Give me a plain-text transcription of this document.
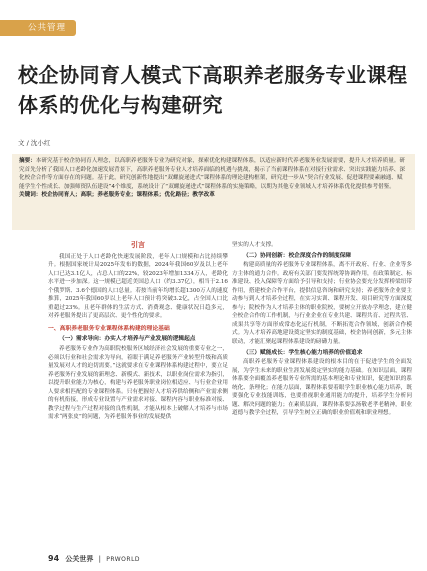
公共管理
校企协同育人模式下高职养老服务专业课程体系的优化与构建研究
文 / 沈小红
摘要：本研究基于校企协同育人理念，以高职养老服务专业为研究对象，探索优化构建课程体系，以适应新时代养老服务业发展需要，提升人才培养质量。研究首先分析了我国人口老龄化加速发展背景下，高职养老服务专业人才培养面临的机遇与挑战，揭示了当前课程体系在对接行业需求、突出实践能力培养、深化校企合作等方面存在的问题。基于此，研究创新性地提出“双螺旋递进式”课程体系的理论建构框架，研究进一步从“契合行业发展、促进课程要素融通、赋能学生个性成长、加强师资队伍建设”4个维度，系统设计了“双螺旋递进式”课程体系的实施策略，以期为其他专业领域人才培养体系优化提供参考借鉴。
关键词：校企协同育人；高职；养老服务专业；课程体系；优化路径；教学改革
引言

我国正处于人口老龄化快速发展阶段，老年人口规模和占比持续攀升。根据国家统计局2025年发布的数据，2024年我国60岁及以上老年人口已达3.1亿人，占总人口的22%，较2023年增加1334万人，老龄化水平进一步加深。这一规模已超近美国总人口（约3.37亿），相当于2.16个俄罗斯、3.6个德国的人口总量。若按当前年均增长超1300万人的速度推算，2025年我国60岁以上老年人口预计将突破3.2亿，占全国人口比重超过23%。且老年群体的生活方式、消费观念、健康状况日趋多元，对养老服务提出了更高层次、更个性化的要求。

一、高职养老服务专业课程体系构建的理论基础
（一）需求导向：办实人才培养与产业发展的逻辑起点

养老服务专业作为高职院校服务区域经济社会发展的重要专业之一，必须以行业和社会需求为导向，着眼于满足养老服务产业转型升级和高质量发展对人才的迫切需要。”这就要求在专业课程体系构建过程中，要立足养老服务行业发展的新理念、新模式、新技术，以职业岗位需求为指引，以提升职业能力为核心，构建与养老服务职业岗位相适应、与行业企业用人要求相匹配的专业课程体系。只有把握好人才培养供给侧和产业需求侧的有机衔接，形成专业设置与产业需求对接、课程内容与职业标准对接、教学过程与生产过程对接的良性机制，才能从根本上破解人才培养与市场需求“两张皮”的问题，为养老服务事业的发展提供

坚实的人才支撑。

（二）协同创新：校企深度合作的制度保障

构建高质量的养老服务专业课程体系，离不开政府、行业、企业等多方主体的通力合作。政府有关部门要发挥统筹协调作用，在政策制定、标准建设、投入保障等方面给予引导和支持；行业协会要充分发挥桥梁纽带作用，搭建校企合作平台，提供信息咨询和研究支持；养老服务企业要主动参与到人才培养全过程，在实习实训、课程开发、项目研究等方面深度参与；院校作为人才培养主体的职业院校，要树立开放办学理念，建立健全校企合作的工作机制，与行业企业在专业共建、课程共育、过程共管、成果共享等方面形成常态化运行机制，不断拓宽合作领域，创新合作模式。为人才培养高地建设奠定坚实的制度基础，校企协同创新，多元主体联动，才能汇聚起课程体系建设的磅礴力量。

（三）赋能成长：学生核心能力培养的价值追求

高职养老服务专业课程体系建设的根本目的在于促进学生的全面发展，为学生未来的职业生涯发展奠定坚实的能力基础。在知识层面，课程体系要全面覆盖养老服务专业所需的基本理论和专业知识，促进知识的系统化、条理化；在能力层面，课程体系要着眼学生职业核心能力培养，既要强化专业技能训练，也要重视职业通用能力的提升，培养学生分析问题、解决问题的能力；在素质层面，课程体系要弘扬敬老孝老精神，职业道德与教学全过程，引导学生树立正确的职业价值观和职业理想。

94 公关世界 | PRWORLD
